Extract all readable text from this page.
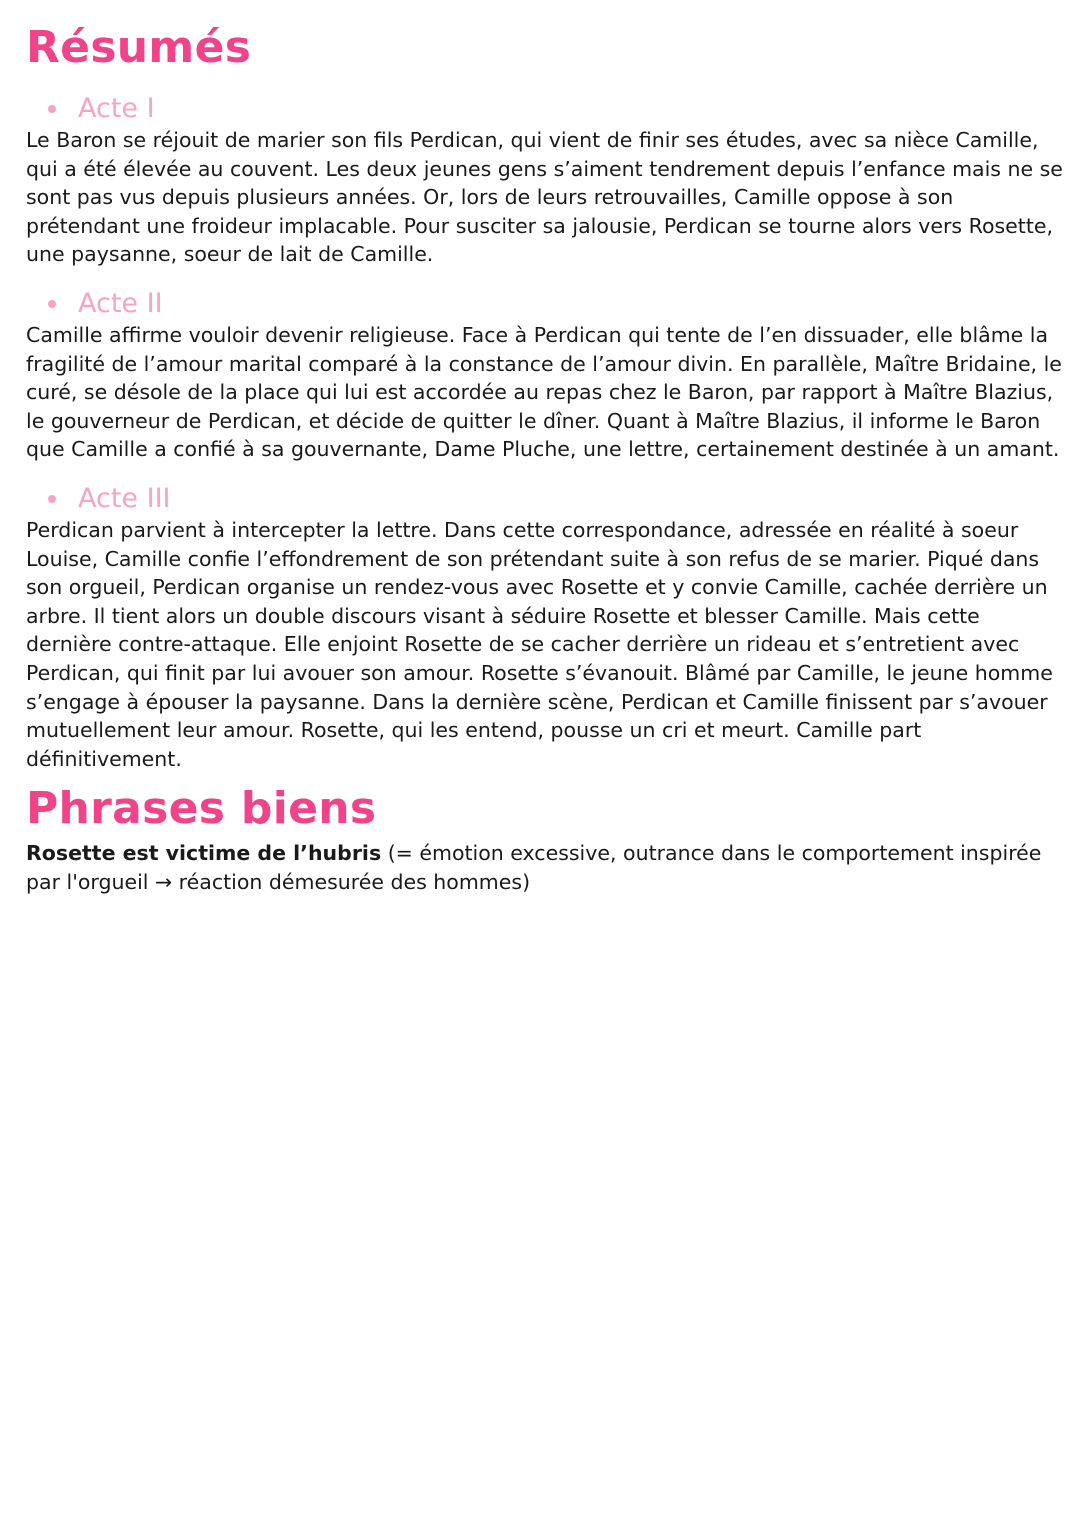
Résumés
Acte I

Le Baron se réjouit de marier son fils Perdican, qui vient de finir ses études, avec sa nièce Camille, qui a été élevée au couvent. Les deux jeunes gens s’aiment tendrement depuis l’enfance mais ne se sont pas vus depuis plusieurs années. Or, lors de leurs retrouvailles, Camille oppose à son prétendant une froideur implacable. Pour susciter sa jalousie, Perdican se tourne alors vers Rosette, une paysanne, soeur de lait de Camille.

Acte II

Camille affirme vouloir devenir religieuse. Face à Perdican qui tente de l’en dissuader, elle blâme la fragilité de l’amour marital comparé à la constance de l’amour divin. En parallèle, Maître Bridaine, le curé, se désole de la place qui lui est accordée au repas chez le Baron, par rapport à Maître Blazius, le gouverneur de Perdican, et décide de quitter le dîner. Quant à Maître Blazius, il informe le Baron que Camille a confié à sa gouvernante, Dame Pluche, une lettre, certainement destinée à un amant.

Acte III

Perdican parvient à intercepter la lettre. Dans cette correspondance, adressée en réalité à soeur Louise, Camille confie l’effondrement de son prétendant suite à son refus de se marier. Piqué dans son orgueil, Perdican organise un rendez-vous avec Rosette et y convie Camille, cachée derrière un arbre. Il tient alors un double discours visant à séduire Rosette et blesser Camille. Mais cette dernière contre-attaque. Elle enjoint Rosette de se cacher derrière un rideau et s’entretient avec Perdican, qui finit par lui avouer son amour. Rosette s’évanouit. Blâmé par Camille, le jeune homme s’engage à épouser la paysanne. Dans la dernière scène, Perdican et Camille finissent par s’avouer mutuellement leur amour. Rosette, qui les entend, pousse un cri et meurt. Camille part définitivement.

Phrases biens

Rosette est victime de l’hubris (= émotion excessive, outrance dans le comportement inspirée par l'orgueil → réaction démesurée des hommes)
